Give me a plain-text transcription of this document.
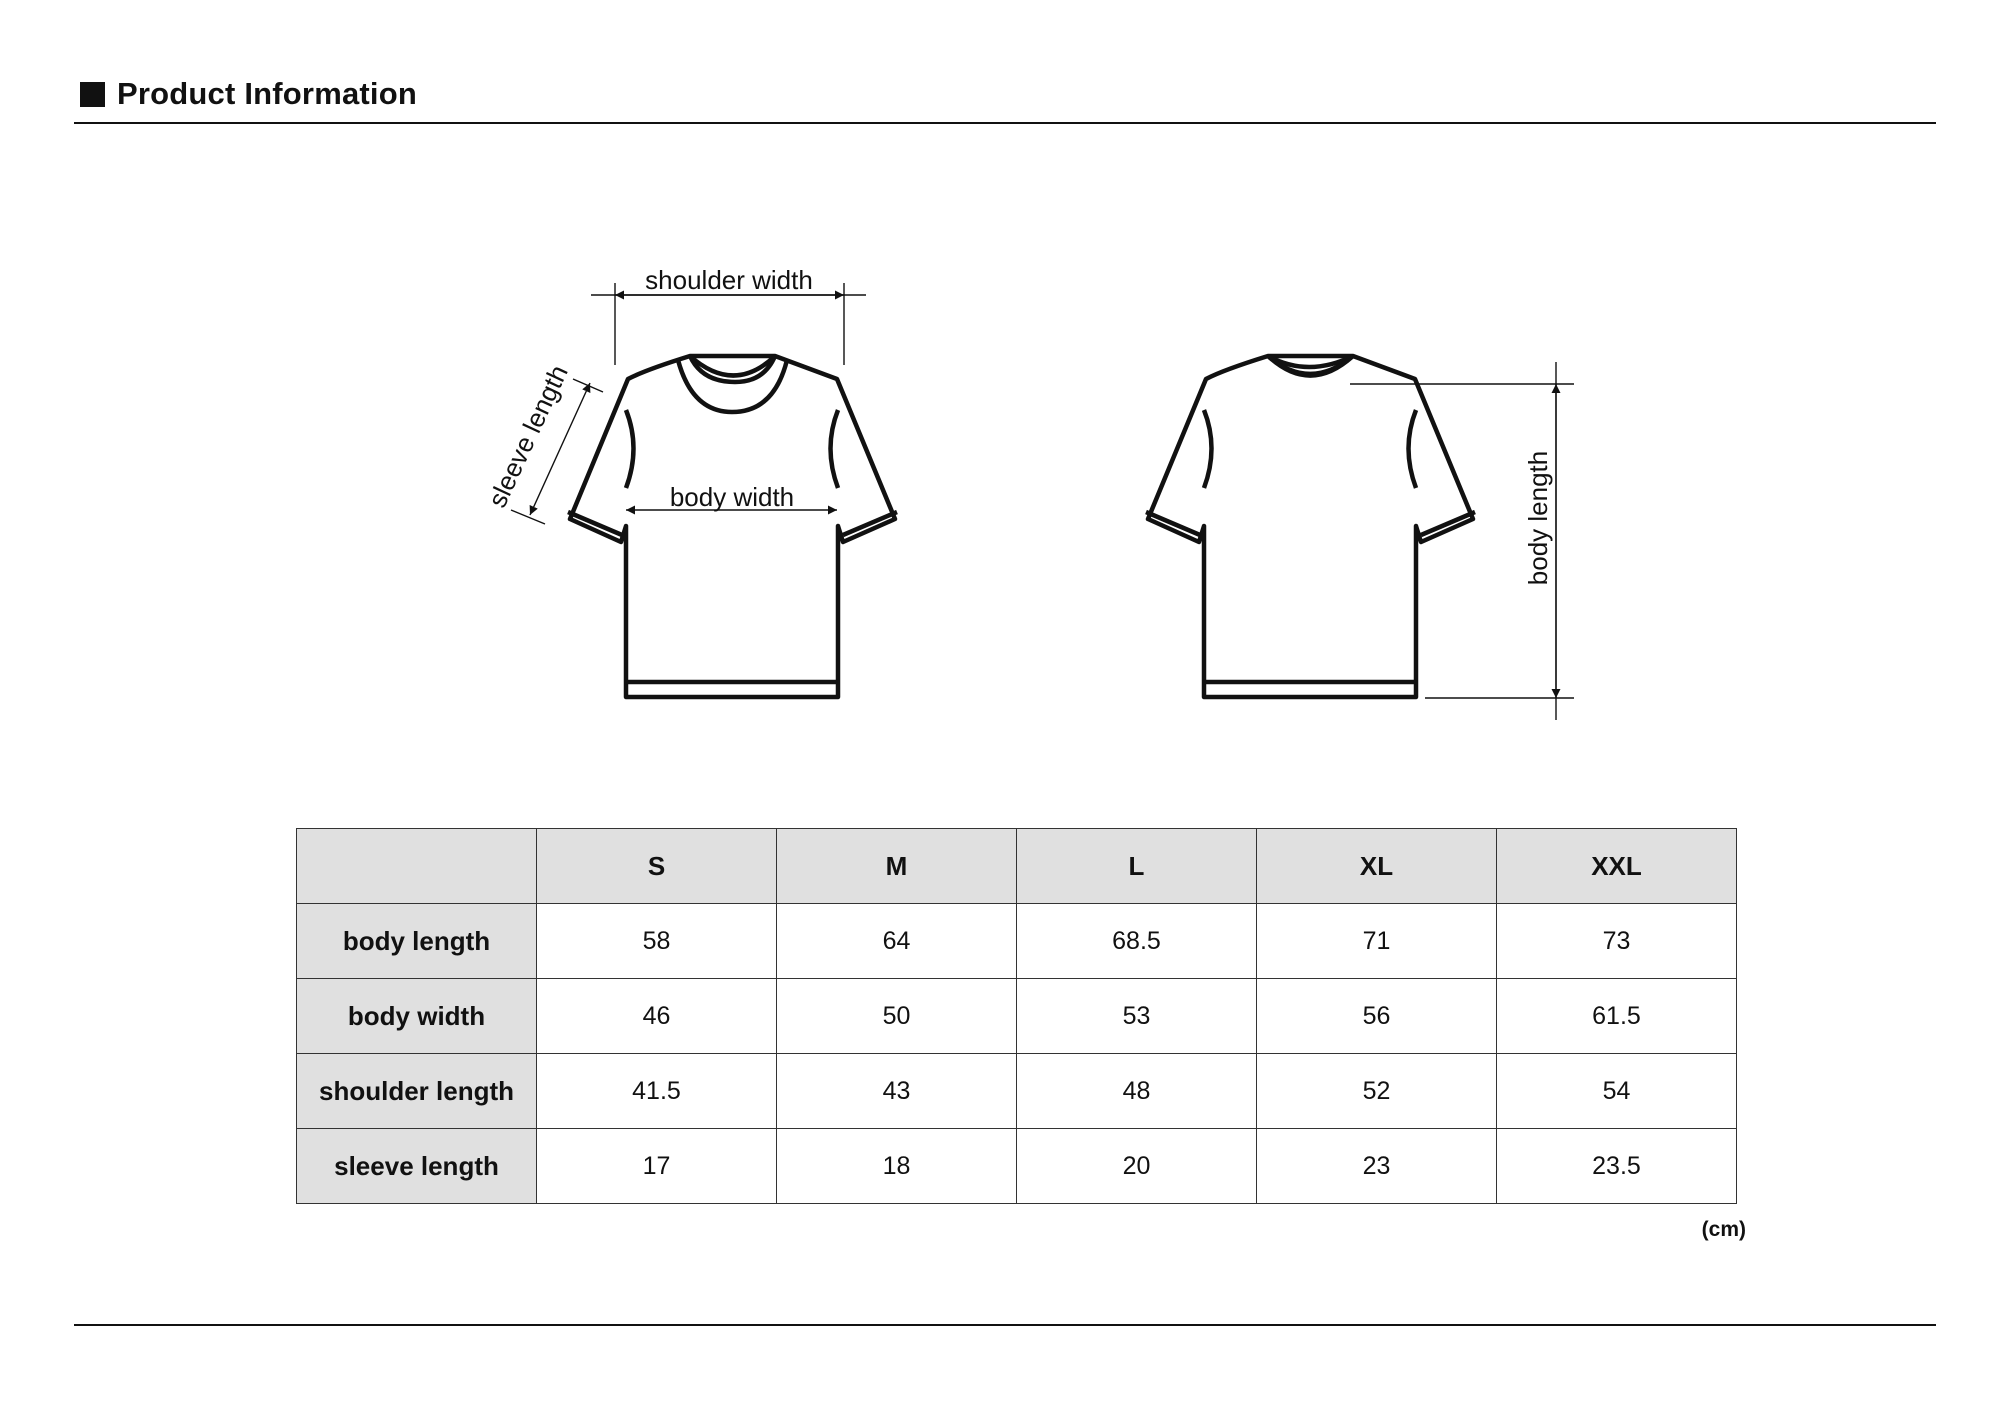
Product Information
shoulder width
sleeve length	body width	body length
	S	M	L	XL	XXL
body length	58	64	68.5	71	73
body width	46	50	53	56	61.5
shoulder length	41.5	43	48	52	54
sleeve length	17	18	20	23	23.5
(cm)
